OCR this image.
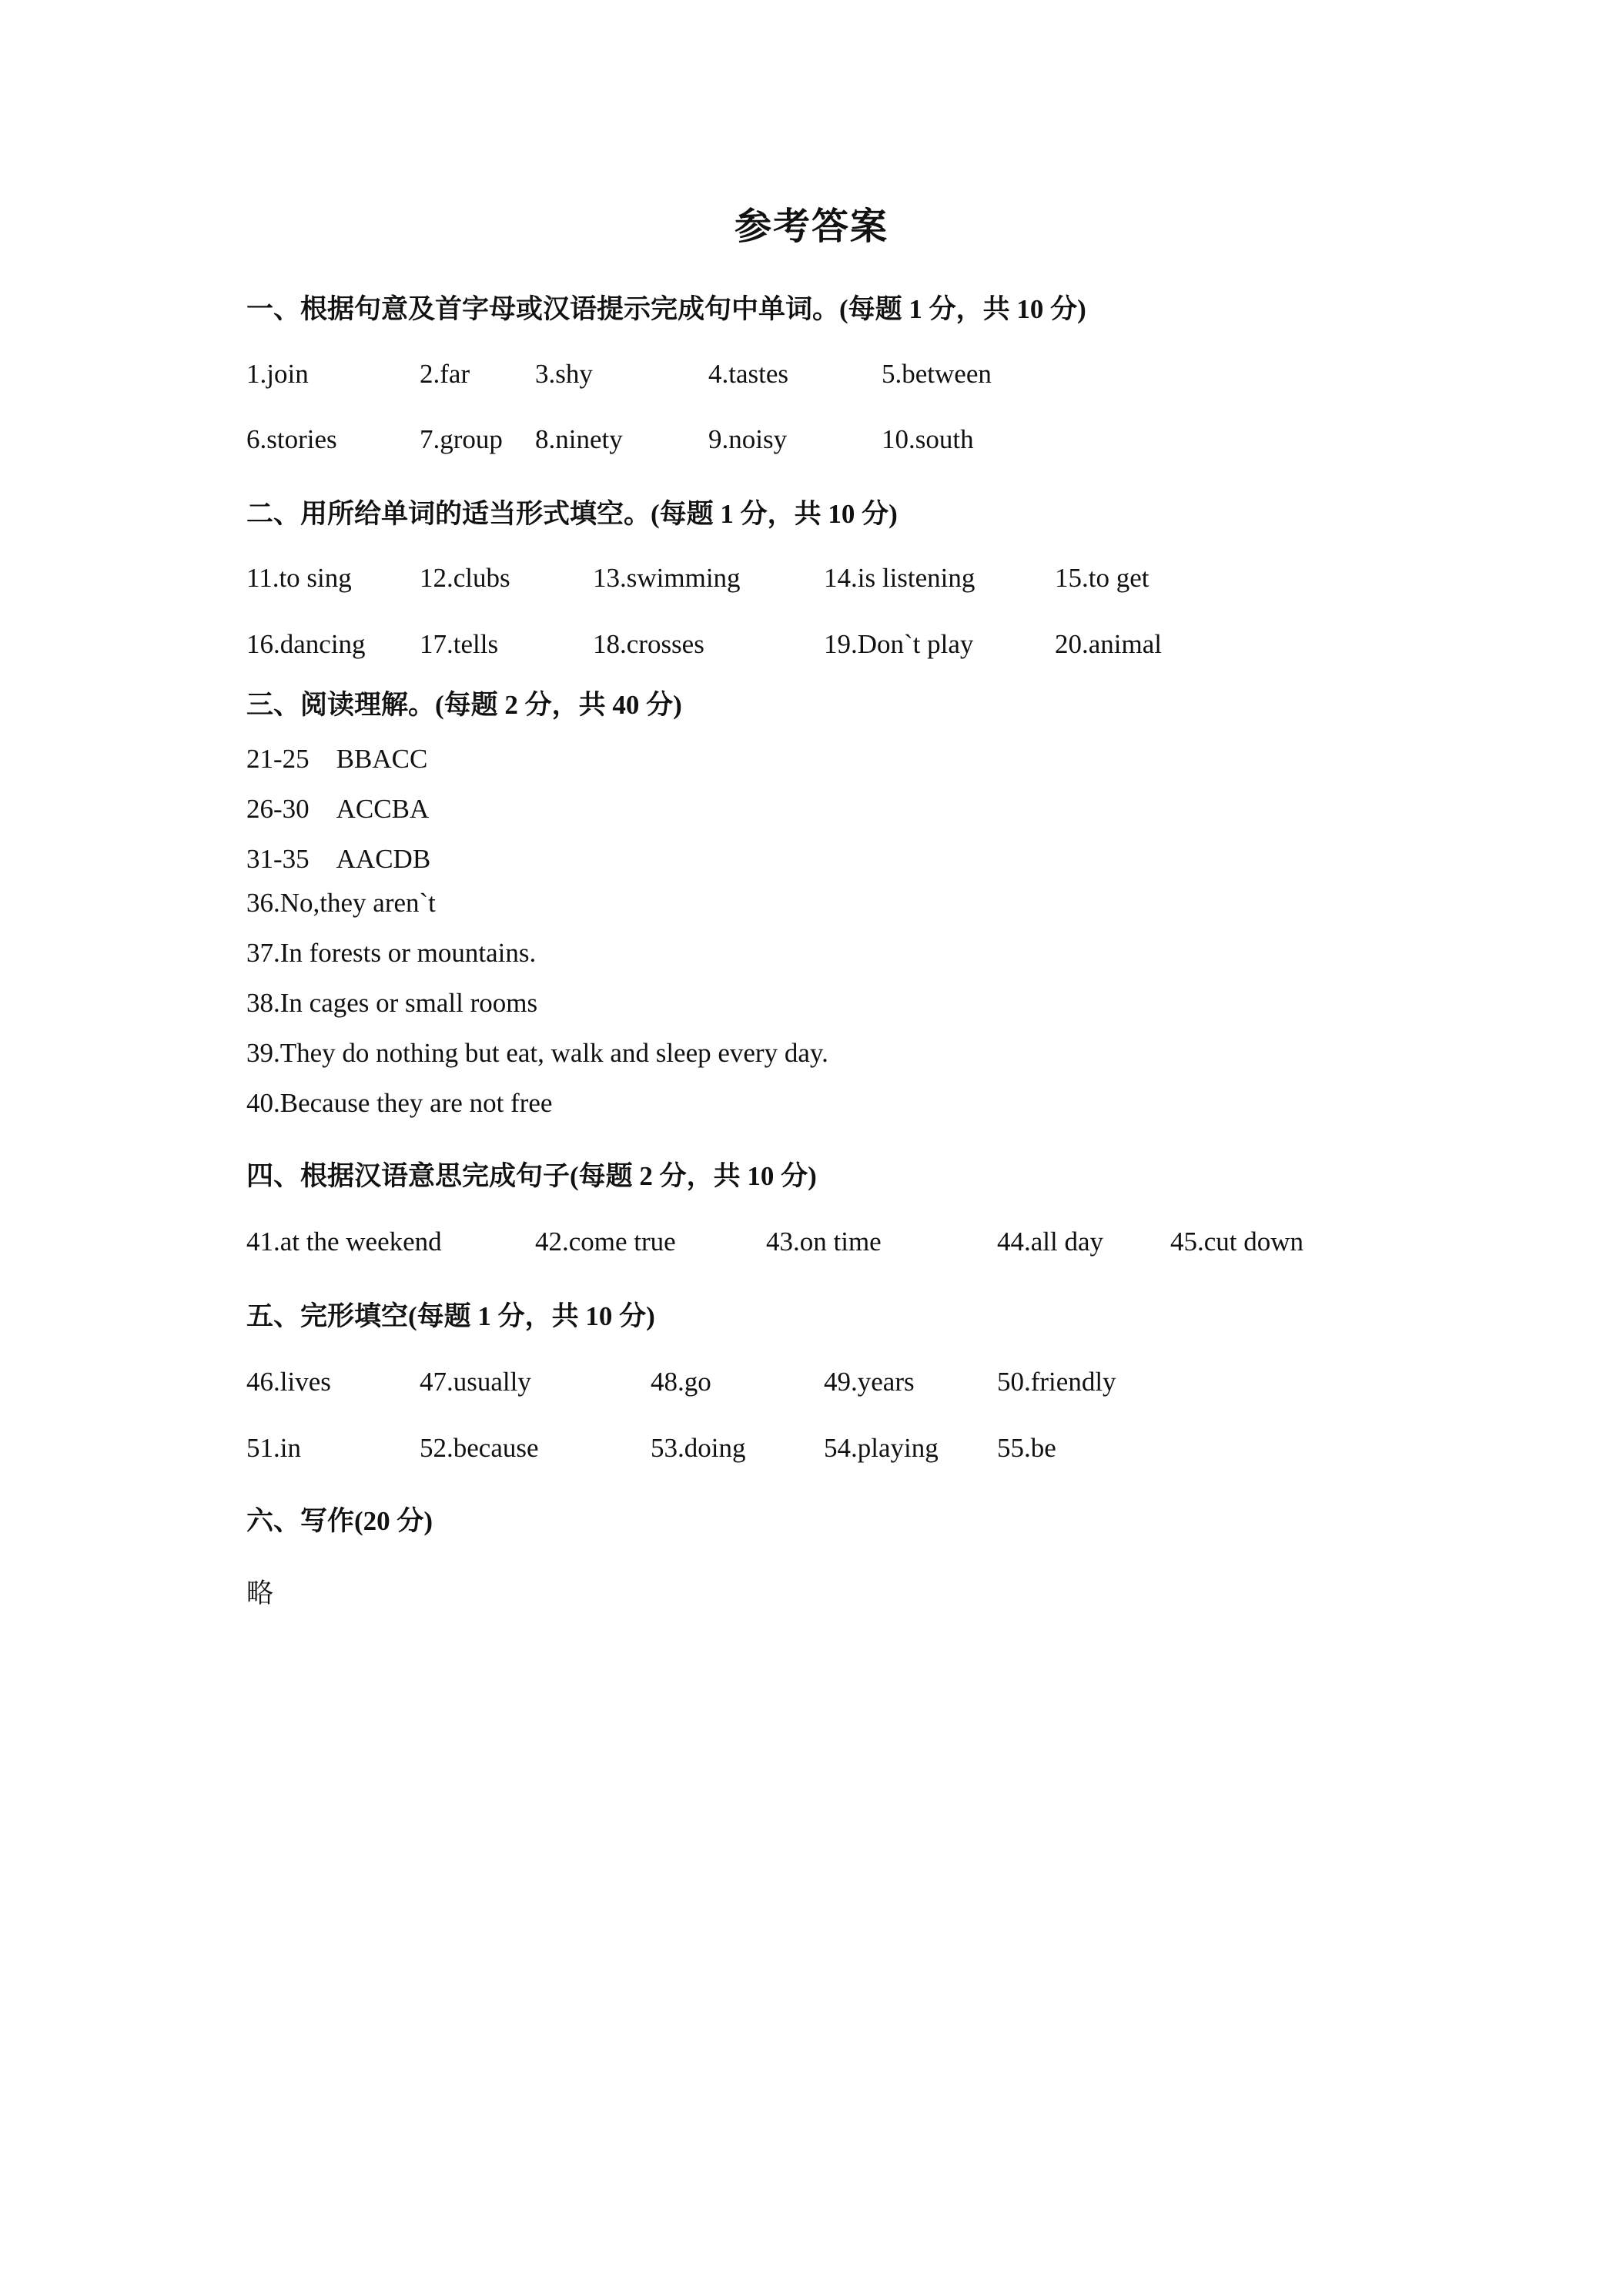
参考答案
一、根据句意及首字母或汉语提示完成句中单词。(每题 1 分，共 10 分)
1.join	2.far 3.shy	4.tastes	5.between
6.stories	7.group 8.ninety	9.noisy	10.south
二、用所给单词的适当形式填空。(每题 1 分，共 10 分)
11.to sing	12.clubs	13.swimming	14.is listening	15.to get
16.dancing 17.tells	18.crosses	19.Don`t play	20.animal
三、阅读理解。(每题 2 分，共 40 分)
21-25　BBACC
26-30　ACCBA
31-35　AACDB
36.No,they aren`t
37.In forests or mountains.
38.In cages or small rooms
39.They do nothing but eat, walk and sleep every day.
40.Because they are not free
四、根据汉语意思完成句子(每题 2 分，共 10 分)
41.at the weekend	42.come true	43.on time	44.all day 45.cut down
五、完形填空(每题 1 分，共 10 分)
46.lives	47.usually	48.go	49.years	50.friendly
51.in	52.because	53.doing	54.playing 55.be
六、写作(20 分)
略
